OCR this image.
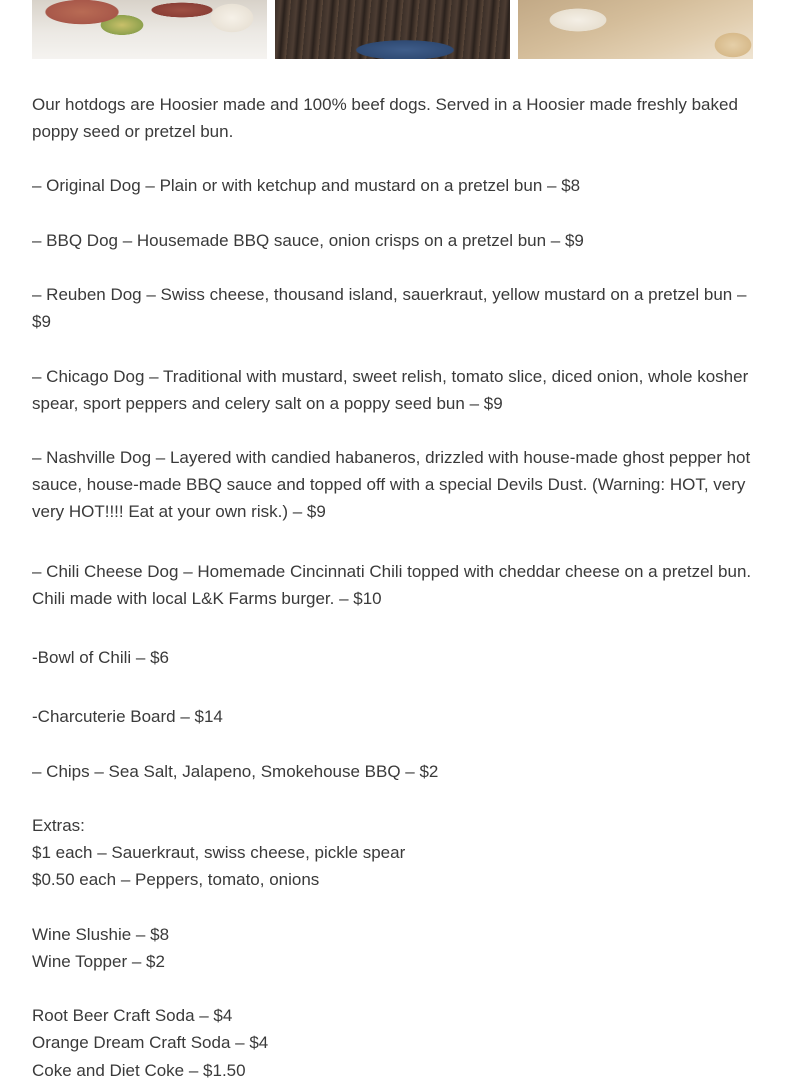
Our hotdogs are Hoosier made and 100% beef dogs. Served in a Hoosier made freshly baked poppy seed or pretzel bun.

– Original Dog – Plain or with ketchup and mustard on a pretzel bun – $8

– BBQ Dog – Housemade BBQ sauce, onion crisps on a pretzel bun – $9

– Reuben Dog – Swiss cheese, thousand island, sauerkraut, yellow mustard on a pretzel bun – $9

– Chicago Dog – Traditional with mustard, sweet relish, tomato slice, diced onion, whole kosher spear, sport peppers and celery salt on a poppy seed bun – $9

– Nashville Dog – Layered with candied habaneros, drizzled with house-made ghost pepper hot sauce, house-made BBQ sauce and topped off with a special Devils Dust. (Warning: HOT, very very HOT!!!! Eat at your own risk.) – $9

– Chili Cheese Dog – Homemade Cincinnati Chili topped with cheddar cheese on a pretzel bun. Chili made with local L&K Farms burger. – $10

-Bowl of Chili – $6

-Charcuterie Board – $14

– Chips – Sea Salt, Jalapeno, Smokehouse BBQ – $2

Extras:

$1 each – Sauerkraut, swiss cheese, pickle spear

$0.50 each – Peppers, tomato, onions

Wine Slushie – $8

Wine Topper – $2

Root Beer Craft Soda – $4

Orange Dream Craft Soda – $4

Coke and Diet Coke – $1.50
